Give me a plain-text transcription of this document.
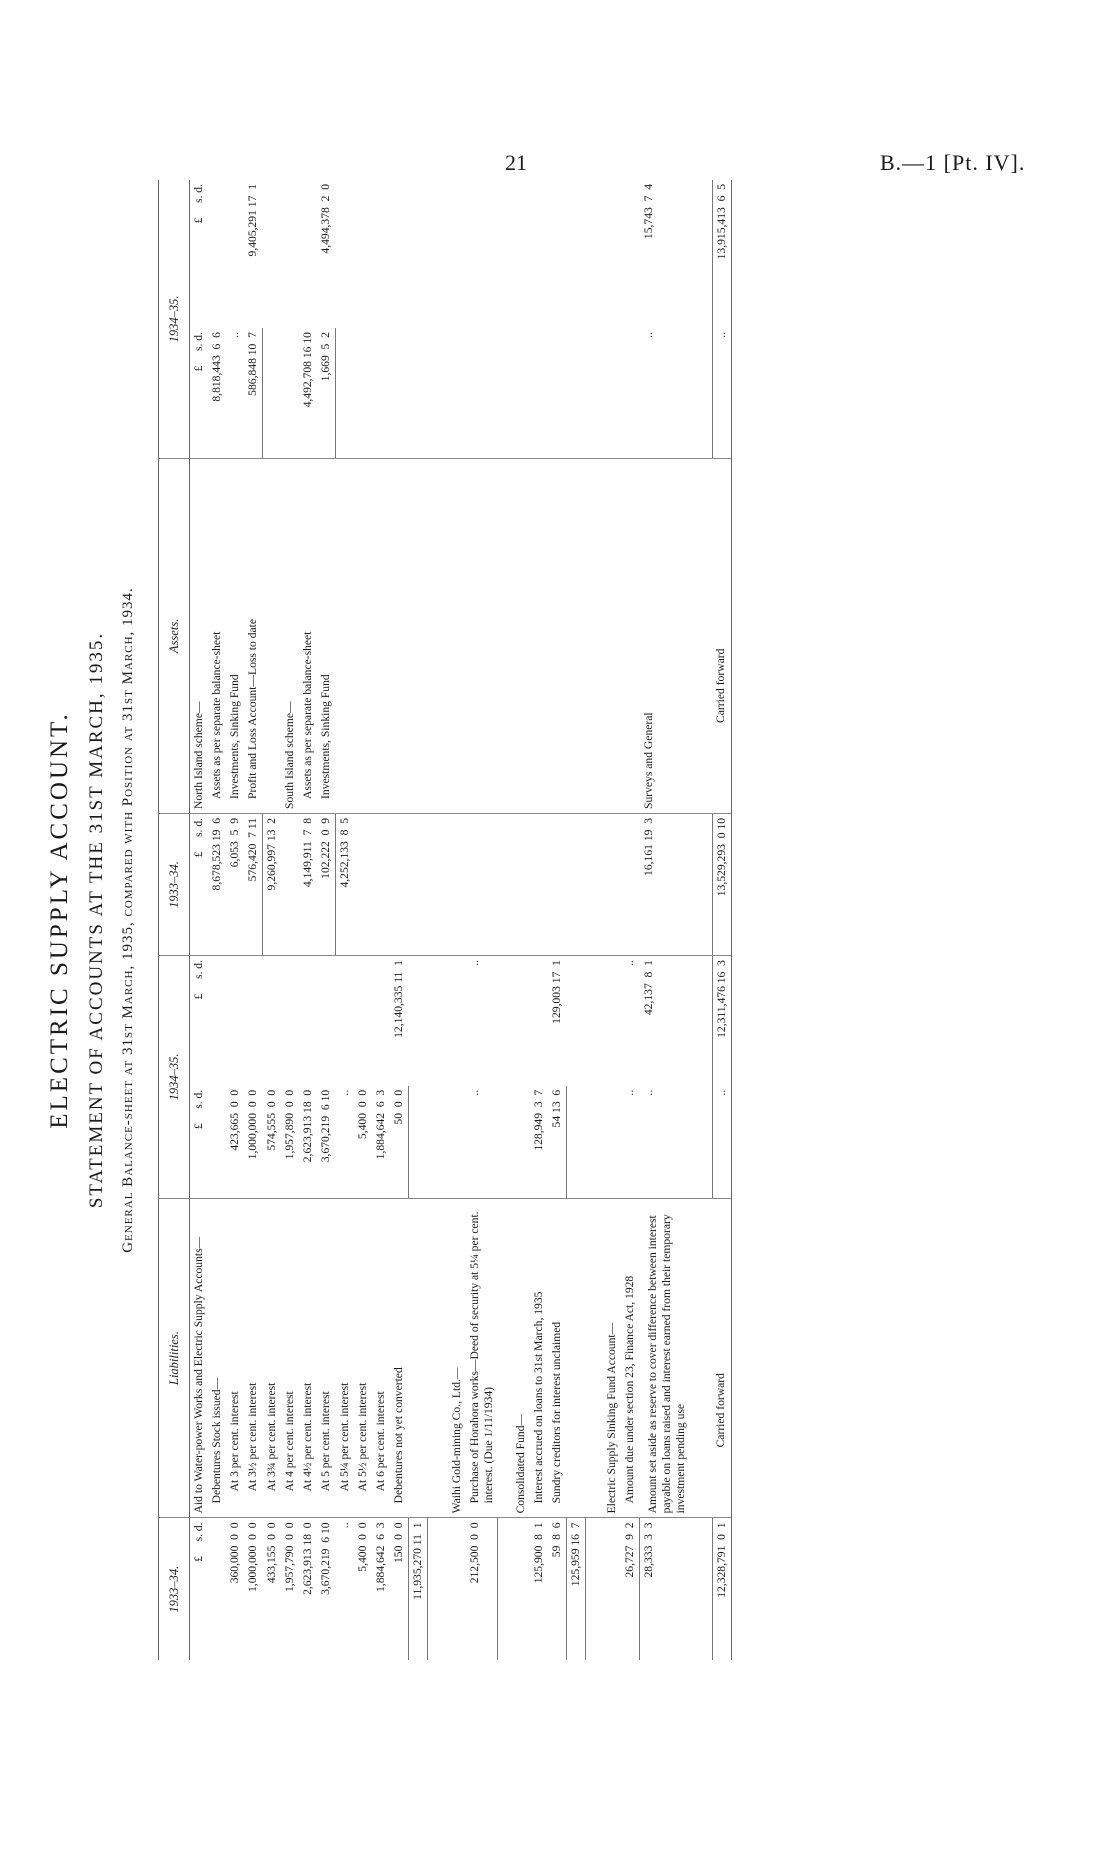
21	B.—1 [Pt. IV].
ELECTRIC SUPPLY ACCOUNT. STATEMENT OF ACCOUNTS AT THE 31ST MARCH, 1935. General Balance-sheet at 31st March, 1935, compared with Position at 31st March, 1934.
1933–34.	Liabilities.	1934–35.		1933–34.	Assets.	1934–35.	
£     s. d.	Aid to Water-power Works and Electric Supply Accounts—	£     s. d.	£     s. d.	£     s. d.	North Island scheme—	£     s. d.	£     s. d.
	Debentures Stock issued—			8,678,523 19  6	Assets as per separate balance-sheet	8,818,443  6  6	
360,000  0  0	At 3 per cent. interest	423,665  0  0		6,053  5  9	Investments, Sinking Fund	..	
1,000,000  0  0	At 3½ per cent. interest	1,000,000  0  0		576,420  7 11	Profit and Loss Account—Loss to date	586,848 10  7	9,405,291 17  1
433,155  0  0	At 3¾ per cent. interest	574,555  0  0		9,260,997 13  2			
1,957,790  0  0	At 4 per cent. interest	1,957,890  0  0			South Island scheme—		
2,623,913 18  0	At 4½ per cent. interest	2,623,913 18  0		4,149,911  7  8	Assets as per separate balance-sheet	4,492,708 16 10	
3,670,219  6 10	At 5 per cent. interest	3,670,219  6 10		102,222  0  9	Investments, Sinking Fund	1,669  5  2	4,494,378  2  0
..	At 5¼ per cent. interest	..		4,252,133  8  5			
5,400  0  0	At 5½ per cent. interest	5,400  0  0					
1,884,642  6  3	At 6 per cent. interest	1,884,642  6  3					
150  0  0	Debentures not yet converted	50  0  0	12,140,335 11  1				
11,935,270 11  1							
	Waihi Gold-mining Co., Ltd.—						
212,500  0  0	Purchase of Horahora works—Deed of security at 5¼ per cent. interest. (Due 1/11/1934)	..	..				
	Consolidated Fund—						
125,900  8  1	Interest accrued on loans to 31st March, 1935	128,949  3  7					
59  8  6	Sundry creditors for interest unclaimed	54 13  6	129,003 17  1				
125,959 16  7							
	Electric Supply Sinking Fund Account—						
26,727  9  2	Amount due under section 23, Finance Act, 1928	..	..				
28,333  3  3	Amount set aside as reserve to cover difference between interest payable on loans raised and interest earned from their temporary investment pending use	..	42,137  8  1	16,161 19  3	Surveys and General	..	15,743  7  4

12,328,791  0  1	Carried forward	..	12,311,476 16  3	13,529,293  0 10	Carried forward	..	13,915,413  6  5
